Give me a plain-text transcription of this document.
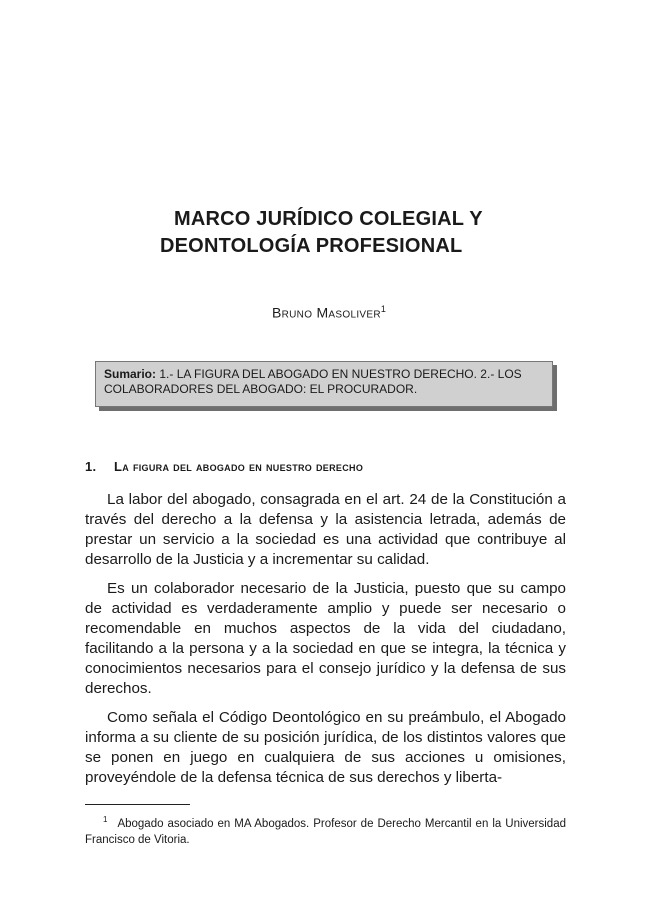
MARCO JURÍDICO COLEGIAL Y
DEONTOLOGÍA PROFESIONAL
Bruno Masoliver$^1$
Sumario: 1.- LA FIGURA DEL ABOGADO EN NUESTRO DERECHO. 2.- LOS COLABORADORES DEL ABOGADO: EL PROCURADOR.
1. La figura del abogado en nuestro derecho

La labor del abogado, consagrada en el art. 24 de la Constitución a través del derecho a la defensa y la asistencia letrada, además de prestar un servicio a la sociedad es una actividad que contribuye al desarrollo de la Justicia y a incrementar su calidad.

Es un colaborador necesario de la Justicia, puesto que su campo de actividad es verdaderamente amplio y puede ser necesario o recomendable en muchos aspectos de la vida del ciudadano, facilitando a la persona y a la sociedad en que se integra, la técnica y conocimientos necesarios para el consejo jurídico y la defensa de sus derechos.

Como señala el Código Deontológico en su preámbulo, el Abogado informa a su cliente de su posición jurídica, de los distintos valores que se ponen en juego en cualquiera de sus acciones u omisiones, proveyéndole de la defensa técnica de sus derechos y liberta-

$^1$ Abogado asociado en MA Abogados. Profesor de Derecho Mercantil en la Universidad Francisco de Vitoria.
